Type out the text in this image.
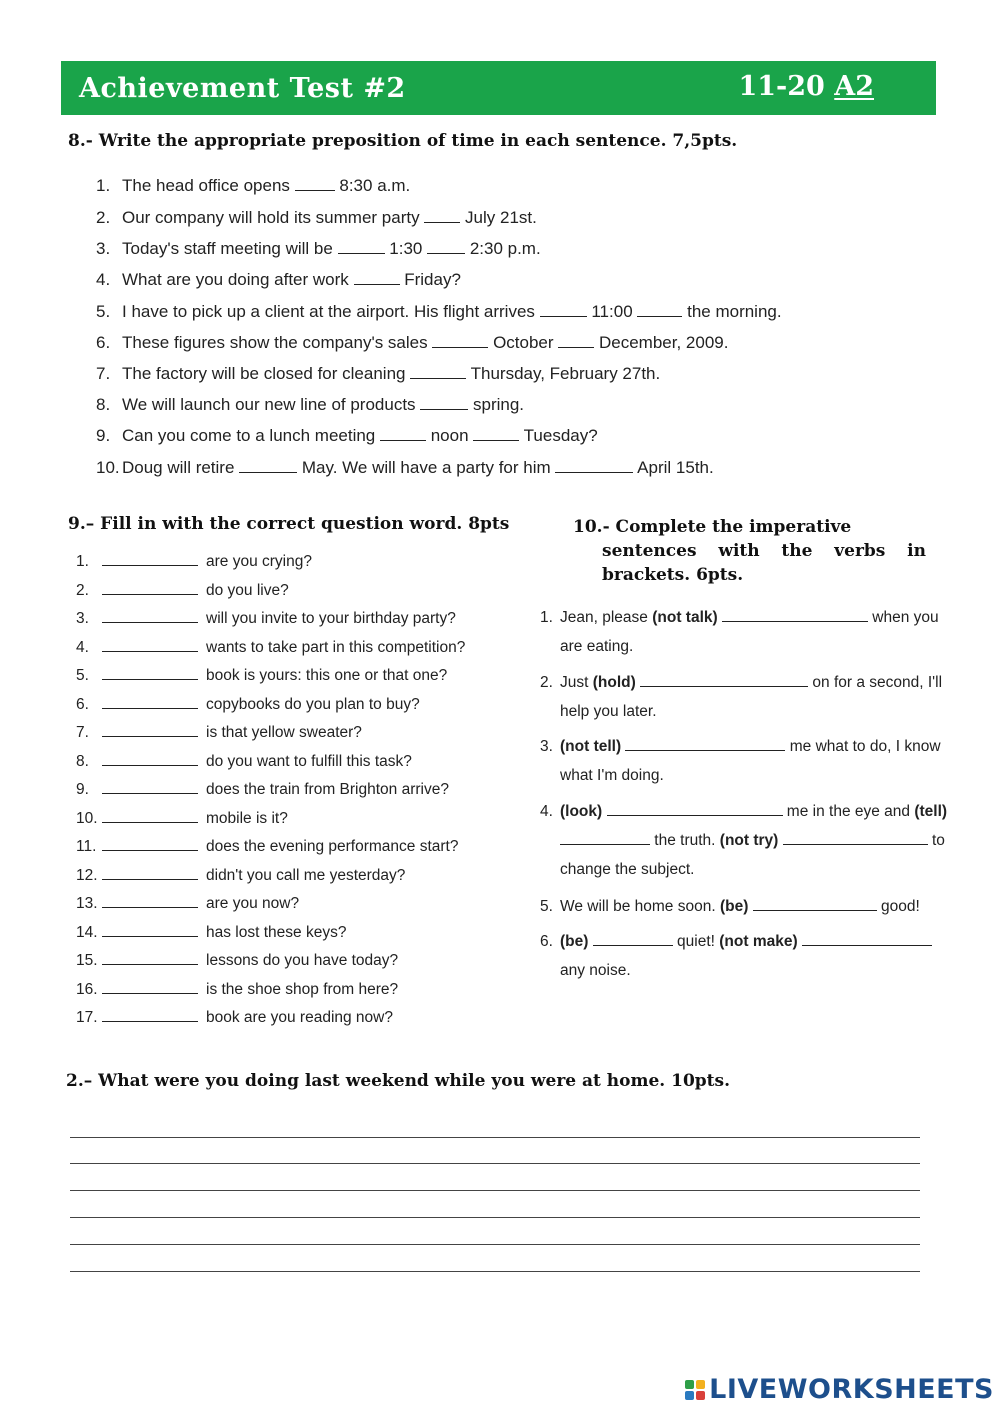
Achievement Test #2	11-20 A2
8.- Write the appropriate preposition of time in each sentence. 7,5pts.
1. The head office opens  8:30 a.m.
2. Our company will hold its summer party  July 21st.
3. Today's staff meeting will be	1:30  2:30 p.m.
4. What are you doing after work	Friday?
5. I have to pick up a client at the airport. His flight arrives	11:00	the morning.
6. These figures show the company's sales	October  December, 2009.
7. The factory will be closed for cleaning	Thursday, February 27th.
8. We will launch our new line of products	spring.
9. Can you come to a lunch meeting	noon	Tuesday?
10. Doug will retire	May. We will have a party for him	April 15th.
9.– Fill in with the correct question word. 8pts
1.	are you crying?
2.	do you live?
3.	will you invite to your birthday party?
4.	wants to take part in this competition?
5.	book is yours: this one or that one?
6.	copybooks do you plan to buy?
7.	is that yellow sweater?
8.	do you want to fulfill this task?
9.	does the train from Brighton arrive?
10.	mobile is it?
11.	does the evening performance start?
12.	didn't you call me yesterday?
13.	are you now?
14.	has lost these keys?
15.	lessons do you have today?
16.	is the shoe shop from here?
17.	book are you reading now?
10.- Complete the imperative
sentences with the verbs in brackets. 6pts.
1. Jean, please (not talk)	when you are eating.
2. Just (hold)	on for a second, I'll help you later.
3. (not tell)	me what to do, I know what I'm doing.
4. (look)	me in the eye and (tell)
the truth. (not try)	to change the subject.
5. We will be home soon. (be)	good!
6. (be)	quiet! (not make)	any noise.
2.– What were you doing last weekend while you were at home. 10pts.
LIVEWORKSHEETS
